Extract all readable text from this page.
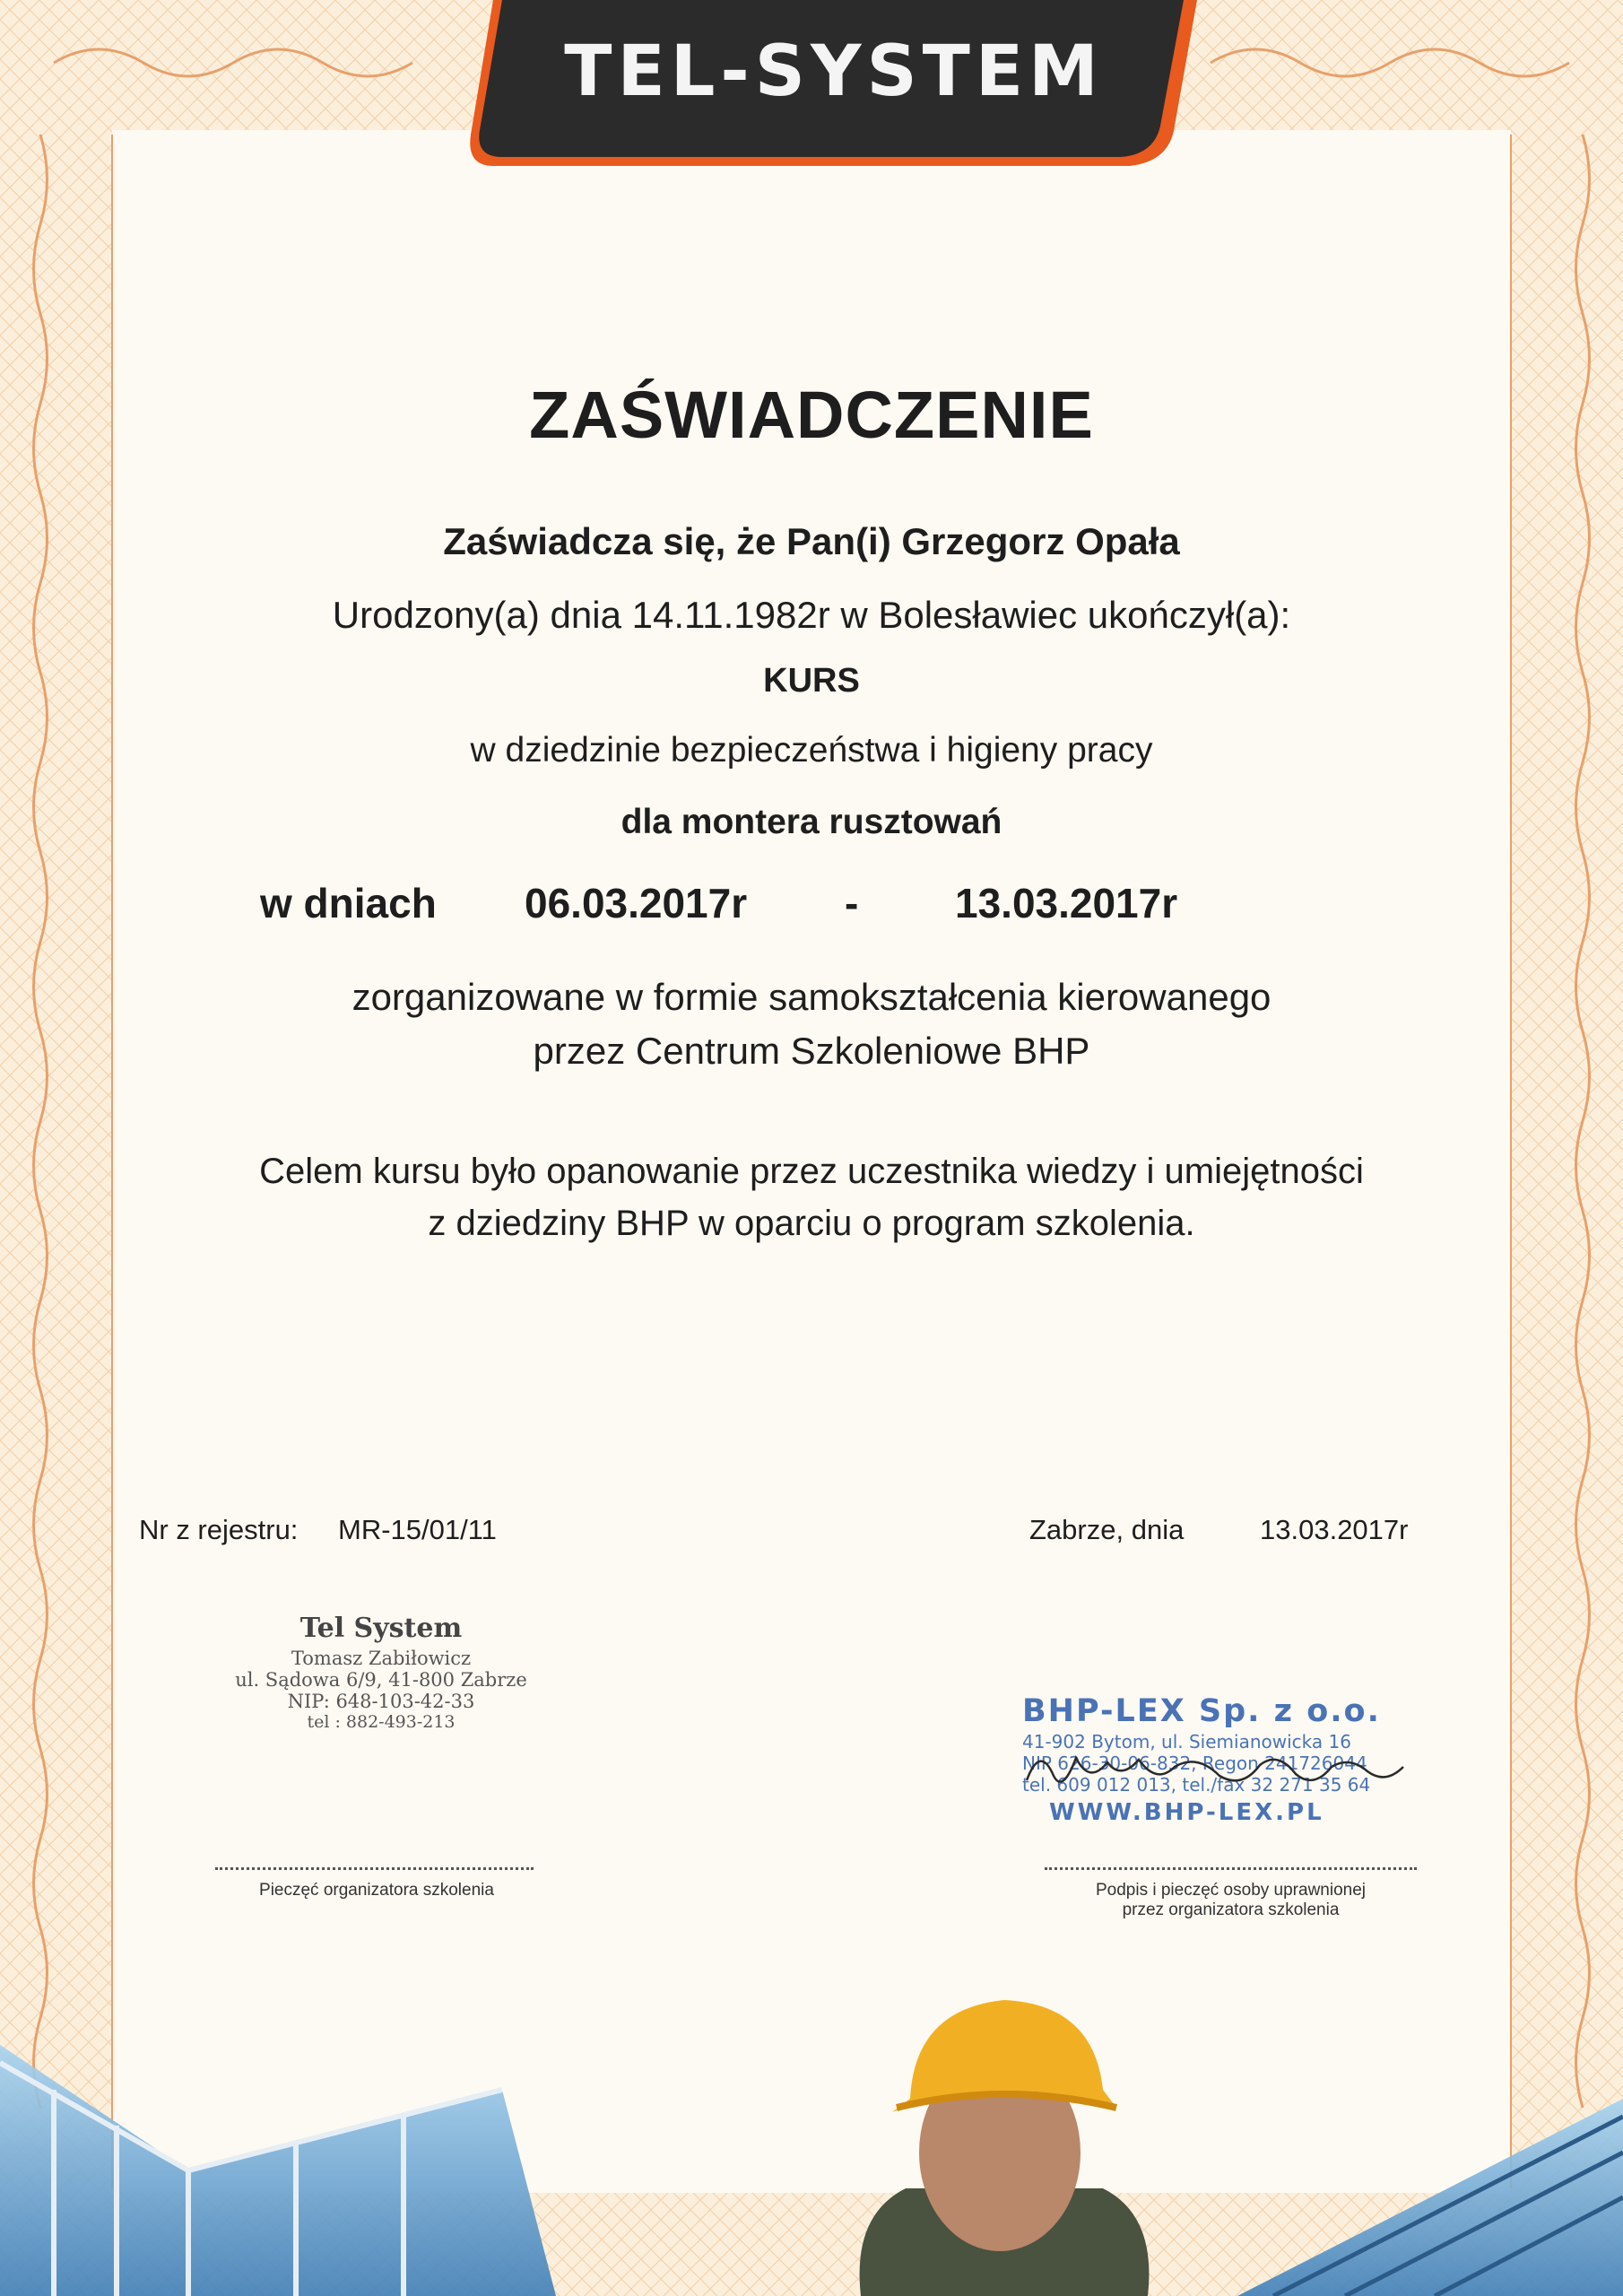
TEL-SYSTEM
ZAŚWIADCZENIE
Zaświadcza się, że Pan(i) Grzegorz Opała
Urodzony(a) dnia 14.11.1982r w Bolesławiec ukończył(a):
KURS
w dziedzinie bezpieczeństwa i higieny pracy
dla montera rusztowań
w dniach 06.03.2017r - 13.03.2017r
zorganizowane w formie samokształcenia kierowanego
przez Centrum Szkoleniowe BHP
Celem kursu było opanowanie przez uczestnika wiedzy i umiejętności
z dziedziny BHP w oparciu o program szkolenia.
Nr z rejestru: MR-15/01/11	Zabrze, dnia	13.03.2017r
Tel System
Tomasz Zabiłowicz
ul. Sądowa 6/9, 41-800 Zabrze
NIP: 648-103-42-33
tel : 882-493-213
Pieczęć organizatora szkolenia
BHP-LEX Sp. z o.o.
41-902 Bytom, ul. Siemianowicka 16
NIP 626-30-06-832, Regon 241726044
tel. 609 012 013, tel./fax 32 271 35 64
WWW.BHP-LEX.PL
Podpis i pieczęć osoby uprawnionej
przez organizatora szkolenia
